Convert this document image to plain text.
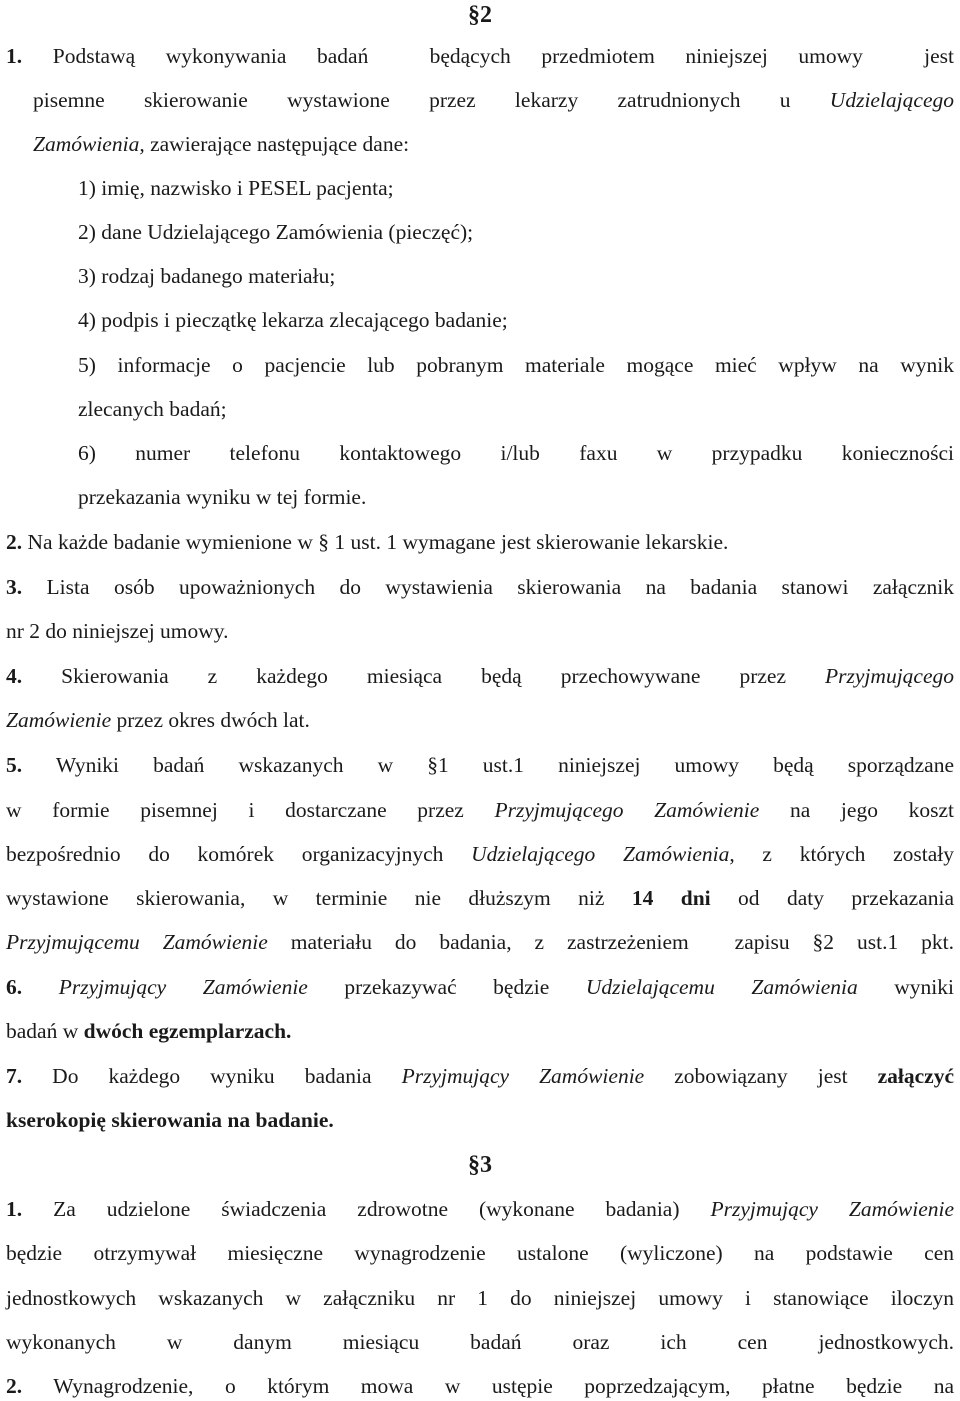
§2
1. Podstawą wykonywania badań  będących przedmiotem niniejszej umowy  jest
pisemne skierowanie wystawione przez lekarzy zatrudnionych u Udzielającego
Zamówienia, zawierające następujące dane:
1) imię, nazwisko i PESEL pacjenta;
2) dane Udzielającego Zamówienia (pieczęć);
3) rodzaj badanego materiału;
4) podpis i pieczątkę lekarza zlecającego badanie;
5) informacje o pacjencie lub pobranym materiale mogące mieć wpływ na wynik
zlecanych badań;
6) numer telefonu kontaktowego i/lub faxu w przypadku konieczności
przekazania wyniku w tej formie.
2. Na każde badanie wymienione w § 1 ust. 1 wymagane jest skierowanie lekarskie.
3. Lista osób upoważnionych do wystawienia skierowania na badania stanowi załącznik
nr 2 do niniejszej umowy.
4. Skierowania z każdego miesiąca będą przechowywane przez Przyjmującego
Zamówienie przez okres dwóch lat.
5. Wyniki badań wskazanych w §1 ust.1 niniejszej umowy będą sporządzane
w formie pisemnej i dostarczane przez Przyjmującego Zamówienie na jego koszt
bezpośrednio do komórek organizacyjnych Udzielającego Zamówienia, z których zostały
wystawione skierowania, w terminie nie dłuższym niż 14 dni od daty przekazania
Przyjmującemu Zamówienie materiału do badania, z zastrzeżeniem  zapisu §2 ust.1 pkt.
6. Przyjmujący Zamówienie przekazywać będzie Udzielającemu Zamówienia wyniki
badań w dwóch egzemplarzach.
7. Do każdego wyniku badania Przyjmujący Zamówienie zobowiązany jest załączyć
kserokopię skierowania na badanie.
§3
1. Za udzielone świadczenia zdrowotne (wykonane badania) Przyjmujący Zamówienie
będzie otrzymywał miesięczne wynagrodzenie ustalone (wyliczone) na podstawie cen
jednostkowych wskazanych w załączniku nr 1 do niniejszej umowy i stanowiące iloczyn
wykonanych w danym miesiącu badań oraz ich cen jednostkowych.
2. Wynagrodzenie, o którym mowa w ustępie poprzedzającym, płatne będzie na
